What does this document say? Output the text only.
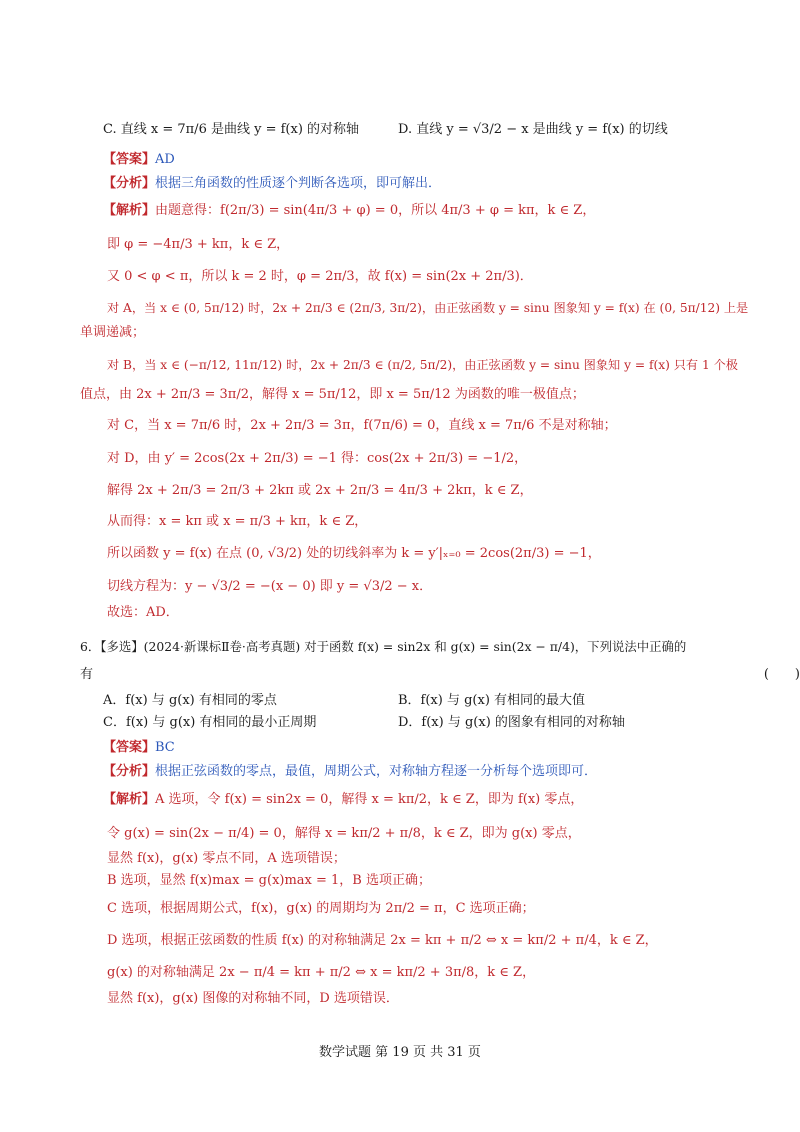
C. 直线 x = 7π/6 是曲线 y = f(x) 的对称轴	D. 直线 y = √3/2 − x 是曲线 y = f(x) 的切线
【答案】AD
【分析】根据三角函数的性质逐个判断各选项，即可解出．
【解析】由题意得：f(2π/3) = sin(4π/3 + φ) = 0，所以 4π/3 + φ = kπ，k ∈ Z，
即 φ = −4π/3 + kπ，k ∈ Z，
又 0 < φ < π，所以 k = 2 时，φ = 2π/3，故 f(x) = sin(2x + 2π/3)．
对 A，当 x ∈ (0, 5π/12) 时，2x + 2π/3 ∈ (2π/3, 3π/2)，由正弦函数 y = sinu 图象知 y = f(x) 在 (0, 5π/12) 上是
单调递减；
对 B，当 x ∈ (−π/12, 11π/12) 时，2x + 2π/3 ∈ (π/2, 5π/2)，由正弦函数 y = sinu 图象知 y = f(x) 只有 1 个极
值点，由 2x + 2π/3 = 3π/2，解得 x = 5π/12，即 x = 5π/12 为函数的唯一极值点；
对 C，当 x = 7π/6 时，2x + 2π/3 = 3π，f(7π/6) = 0，直线 x = 7π/6 不是对称轴；
对 D，由 y′ = 2cos(2x + 2π/3) = −1 得：cos(2x + 2π/3) = −1/2，
解得 2x + 2π/3 = 2π/3 + 2kπ 或 2x + 2π/3 = 4π/3 + 2kπ，k ∈ Z，
从而得：x = kπ 或 x = π/3 + kπ，k ∈ Z，
所以函数 y = f(x) 在点 (0, √3/2) 处的切线斜率为 k = y′|ₓ₌₀ = 2cos(2π/3) = −1，
切线方程为：y − √3/2 = −(x − 0) 即 y = √3/2 − x．
故选：AD．
6．【多选】(2024·新课标Ⅱ卷·高考真题) 对于函数 f(x) = sin2x 和 g(x) = sin(2x − π/4)，下列说法中正确的
有	(　　)
A．f(x) 与 g(x) 有相同的零点	B．f(x) 与 g(x) 有相同的最大值
C．f(x) 与 g(x) 有相同的最小正周期	D．f(x) 与 g(x) 的图象有相同的对称轴
【答案】BC
【分析】根据正弦函数的零点，最值，周期公式，对称轴方程逐一分析每个选项即可．
【解析】A 选项，令 f(x) = sin2x = 0，解得 x = kπ/2，k ∈ Z，即为 f(x) 零点，
令 g(x) = sin(2x − π/4) = 0，解得 x = kπ/2 + π/8，k ∈ Z，即为 g(x) 零点，
显然 f(x)，g(x) 零点不同，A 选项错误；
B 选项，显然 f(x)max = g(x)max = 1，B 选项正确；
C 选项，根据周期公式，f(x)，g(x) 的周期均为 2π/2 = π，C 选项正确；
D 选项，根据正弦函数的性质 f(x) 的对称轴满足 2x = kπ + π/2 ⇔ x = kπ/2 + π/4，k ∈ Z，
g(x) 的对称轴满足 2x − π/4 = kπ + π/2 ⇔ x = kπ/2 + 3π/8，k ∈ Z，
显然 f(x)，g(x) 图像的对称轴不同，D 选项错误．
数学试题 第 19 页 共 31 页
